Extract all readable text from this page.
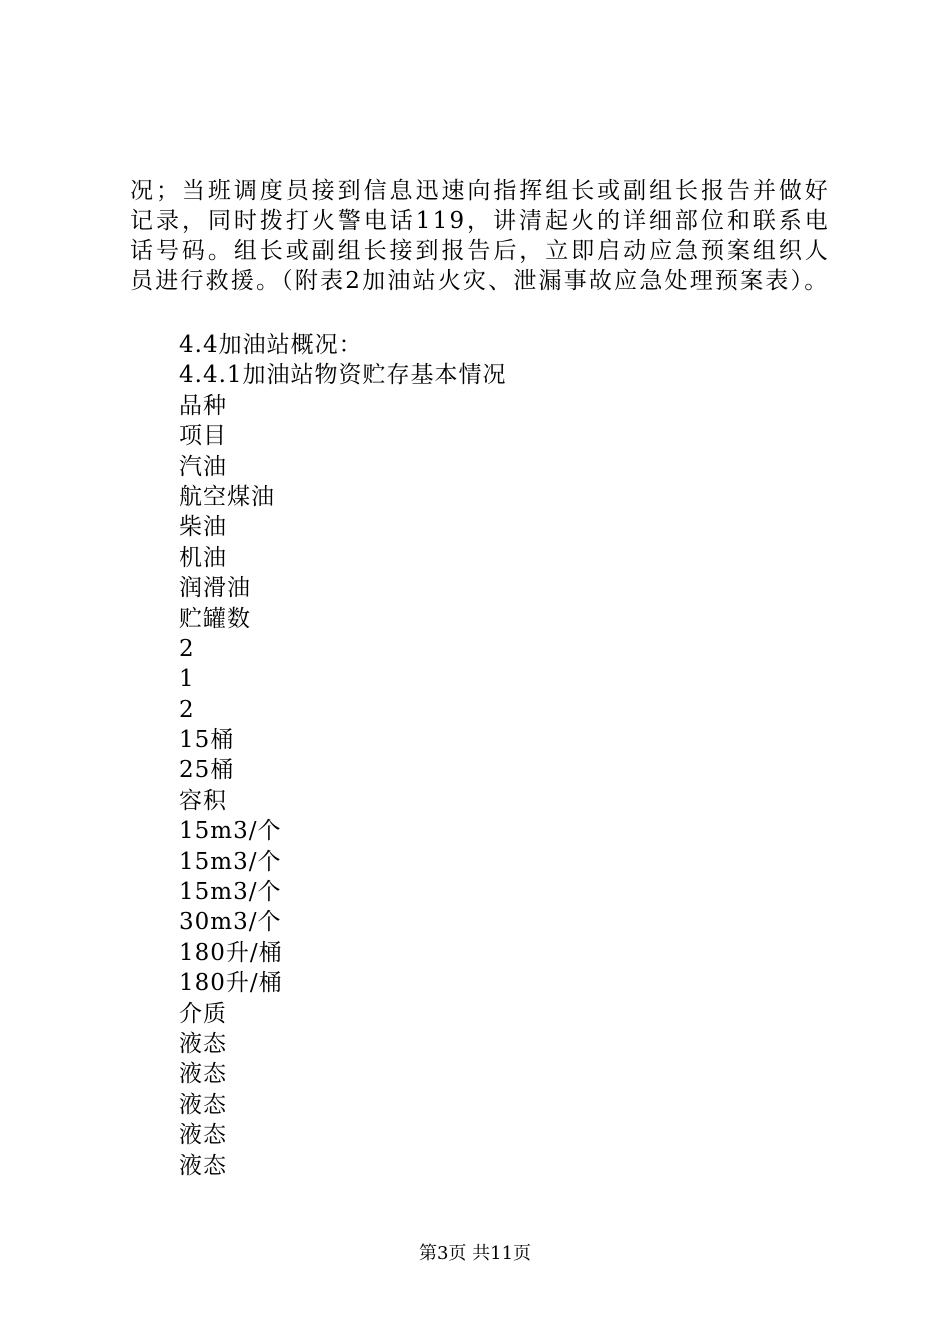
况；当班调度员接到信息迅速向指挥组长或副组长报告并做好记录，同时拨打火警电话119，讲清起火的详细部位和联系电话号码。组长或副组长接到报告后，立即启动应急预案组织人员进行救援。（附表2加油站火灾、泄漏事故应急处理预案表）。

4.4加油站概况：
4.4.1加油站物资贮存基本情况
品种
项目
汽油
航空煤油
柴油
机油
润滑油
贮罐数
2
1
2
15桶
25桶
容积
15m3/个
15m3/个
15m3/个
30m3/个
180升/桶
180升/桶
介质
液态
液态
液态
液态
液态
第3页 共11页
